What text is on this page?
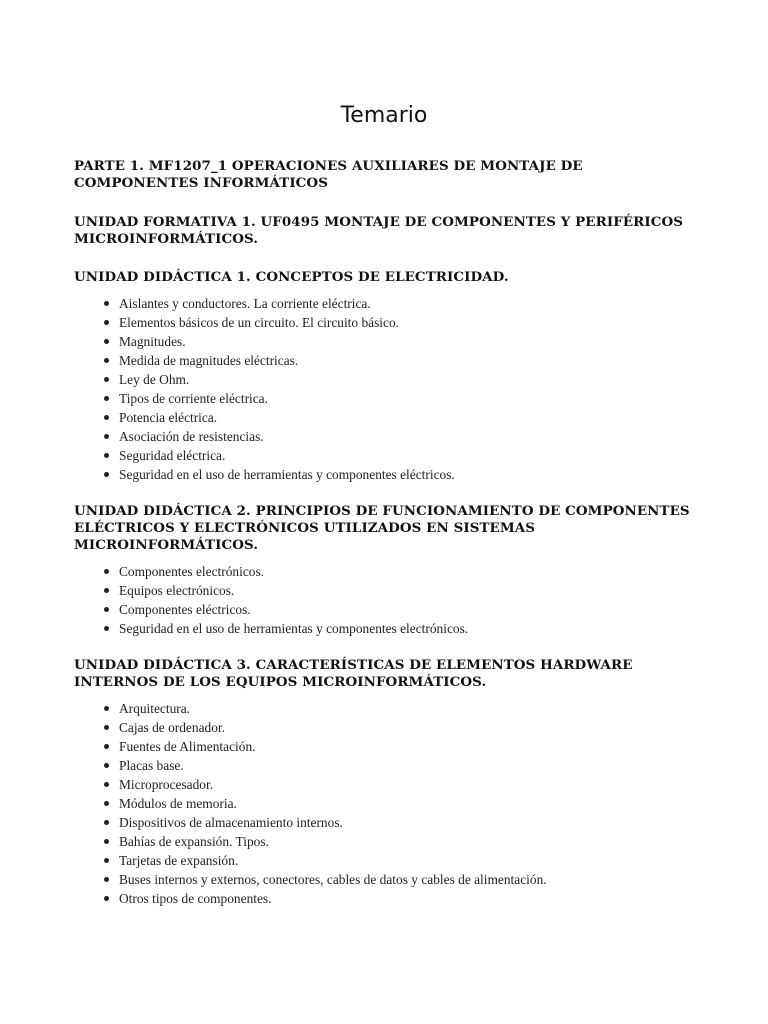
Temario

PARTE 1. MF1207_1 OPERACIONES AUXILIARES DE MONTAJE DE COMPONENTES INFORMÁTICOS

UNIDAD FORMATIVA 1. UF0495 MONTAJE DE COMPONENTES Y PERIFÉRICOS MICROINFORMÁTICOS.

UNIDAD DIDÁCTICA 1. CONCEPTOS DE ELECTRICIDAD.

Aislantes y conductores. La corriente eléctrica.
Elementos básicos de un circuito. El circuito básico.
Magnitudes.
Medida de magnitudes eléctricas.
Ley de Ohm.
Tipos de corriente eléctrica.
Potencia eléctrica.
Asociación de resistencias.
Seguridad eléctrica.
Seguridad en el uso de herramientas y componentes eléctricos.

UNIDAD DIDÁCTICA 2. PRINCIPIOS DE FUNCIONAMIENTO DE COMPONENTES ELÉCTRICOS Y ELECTRÓNICOS UTILIZADOS EN SISTEMAS MICROINFORMÁTICOS.

Componentes electrónicos.
Equipos electrónicos.
Componentes eléctricos.
Seguridad en el uso de herramientas y componentes electrónicos.

UNIDAD DIDÁCTICA 3. CARACTERÍSTICAS DE ELEMENTOS HARDWARE INTERNOS DE LOS EQUIPOS MICROINFORMÁTICOS.

Arquitectura.
Cajas de ordenador.
Fuentes de Alimentación.
Placas base.
Microprocesador.
Módulos de memoria.
Dispositivos de almacenamiento internos.
Bahías de expansión. Tipos.
Tarjetas de expansión.
Buses internos y externos, conectores, cables de datos y cables de alimentación.
Otros tipos de componentes.
